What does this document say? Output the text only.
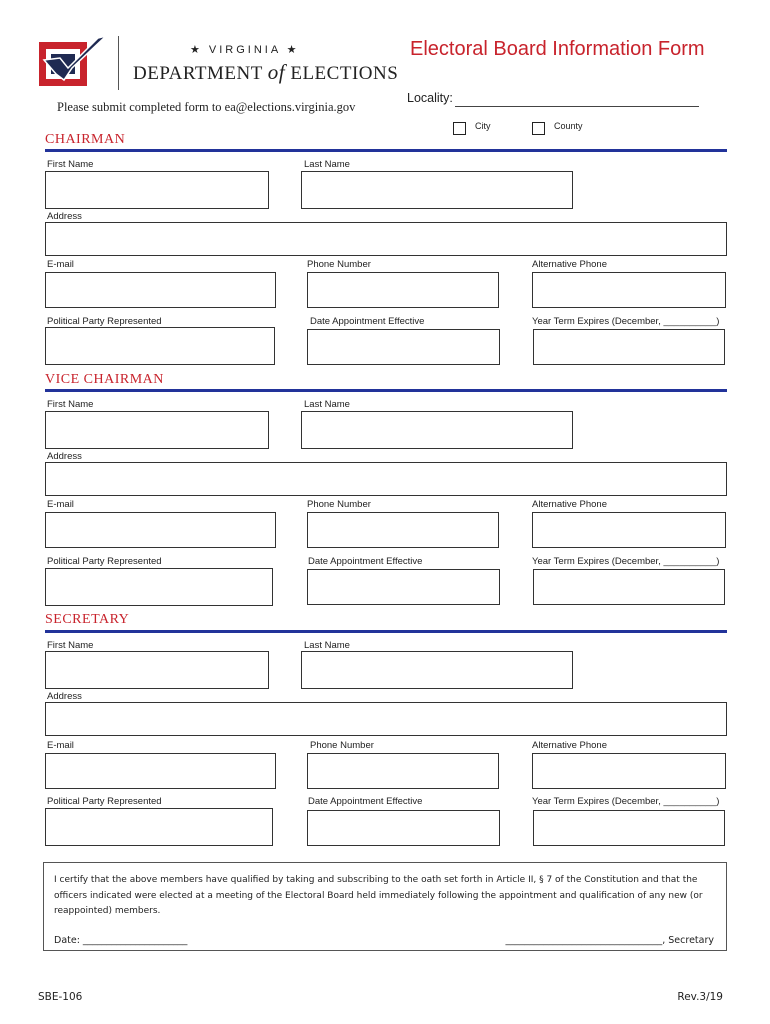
★ VIRGINIA ★
DEPARTMENT of ELECTIONS
Electoral Board Information Form
Please submit completed form to ea@elections.virginia.gov
Locality:
City	County
CHAIRMAN
First Name	Last Name
Address
E-mail	Phone Number	Alternative Phone
Political Party Represented	Date Appointment Effective	Year Term Expires (December, __________)
VICE CHAIRMAN
First Name	Last Name
Address
E-mail	Phone Number	Alternative Phone
Political Party Represented	Date Appointment Effective	Year Term Expires (December, __________)
SECRETARY
First Name	Last Name
Address
E-mail	Phone Number	Alternative Phone
Political Party Represented	Date Appointment Effective	Year Term Expires (December, __________)
I certify that the above members have qualified by taking and subscribing to the oath set forth in Article II, § 7 of the Constitution and that the officers indicated were elected at a meeting of the Electoral Board held immediately following the appointment and qualification of any new (or reappointed) members.
Date: ______________________	_________________________________, Secretary
SBE-106	Rev.3/19
